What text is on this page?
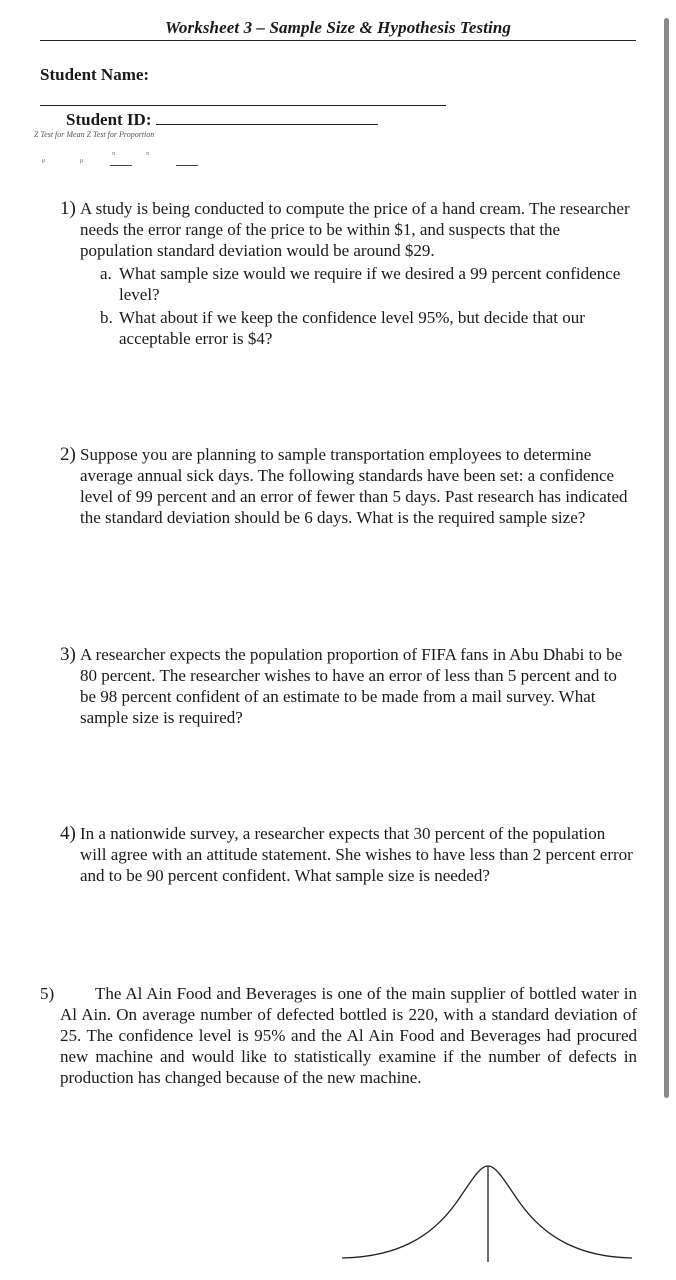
Worksheet 3 – Sample Size & Hypothesis Testing
Student Name:
Student ID:
Z Test for Mean Z Test for Proportion
μ	μ
π	π
1) A study is being conducted to compute the price of a hand cream. The researcher needs the error range of the price to be within $1, and suspects that the population standard deviation would be around $29.
a. What sample size would we require if we desired a 99 percent confidence level?
b. What about if we keep the confidence level 95%, but decide that our acceptable error is $4?
2) Suppose you are planning to sample transportation employees to determine average annual sick days. The following standards have been set: a confidence level of 99 percent and an error of fewer than 5 days. Past research has indicated the standard deviation should be 6 days. What is the required sample size?
3) A researcher expects the population proportion of FIFA fans in Abu Dhabi to be 80 percent. The researcher wishes to have an error of less than 5 percent and to be 98 percent confident of an estimate to be made from a mail survey. What sample size is required?
4) In a nationwide survey, a researcher expects that 30 percent of the population will agree with an attitude statement. She wishes to have less than 2 percent error and to be 90 percent confident. What sample size is needed?
The Al Ain Food and Beverages is one of the main supplier of bottled water in Al Ain. On average number of defected bottled is 220, with a standard deviation of 25. The confidence level is 95% and the Al Ain Food and Beverages had procured new machine and would like to statistically examine if the number of defects in production has changed because of the new machine.
5)
